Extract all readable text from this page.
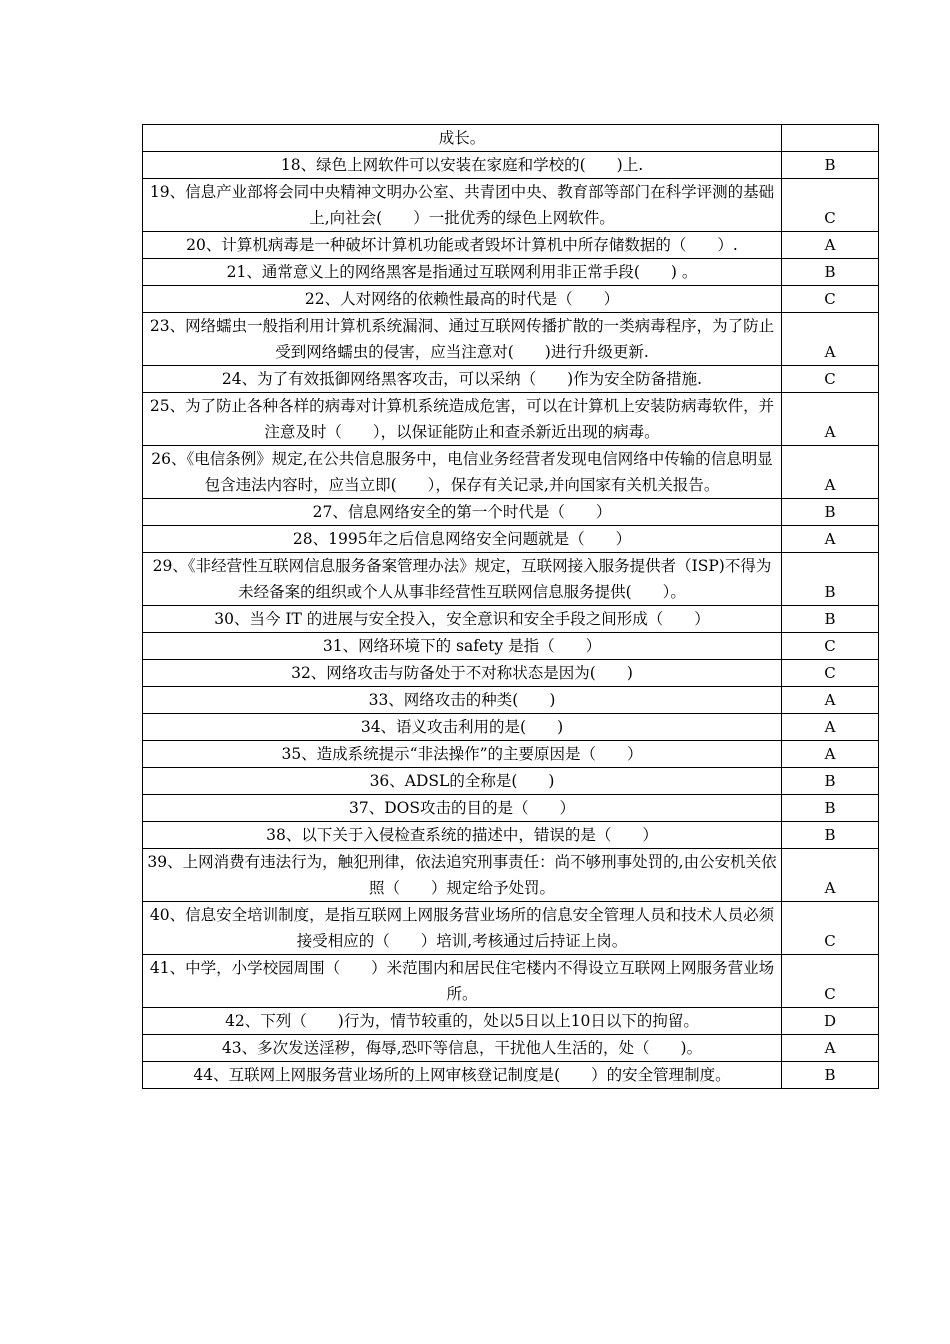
成长。	
18、绿色上网软件可以安装在家庭和学校的(　　)上.	B
19、信息产业部将会同中央精神文明办公室、共青团中央、教育部等部门在科学评测的基础上,向社会(　　）一批优秀的绿色上网软件。	C
20、计算机病毒是一种破坏计算机功能或者毁坏计算机中所存储数据的（　　）.	A
21、通常意义上的网络黑客是指通过互联网利用非正常手段(　　) 。	B
22、人对网络的依赖性最高的时代是（　　）	C
23、网络蠕虫一般指利用计算机系统漏洞、通过互联网传播扩散的一类病毒程序，为了防止受到网络蠕虫的侵害，应当注意对(　　)进行升级更新.	A
24、为了有效抵御网络黑客攻击，可以采纳（　　)作为安全防备措施.	C
25、为了防止各种各样的病毒对计算机系统造成危害，可以在计算机上安装防病毒软件，并注意及时（　　），以保证能防止和查杀新近出现的病毒。	A
26、《电信条例》规定,在公共信息服务中，电信业务经营者发现电信网络中传输的信息明显包含违法内容时，应当立即(　　），保存有关记录,并向国家有关机关报告。	A
27、信息网络安全的第一个时代是（　　）	B
28、1995年之后信息网络安全问题就是（　　）	A
29、《非经营性互联网信息服务备案管理办法》规定，互联网接入服务提供者（ISP)不得为未经备案的组织或个人从事非经营性互联网信息服务提供(　　）。	B
30、当今 IT 的进展与安全投入，安全意识和安全手段之间形成（　　）	B
31、网络环境下的 safety 是指（　　）	C
32、网络攻击与防备处于不对称状态是因为(　　)	C
33、网络攻击的种类(　　)	A
34、语义攻击利用的是(　　)	A
35、造成系统提示“非法操作”的主要原因是（　　）	A
36、ADSL的全称是(　　)	B
37、DOS攻击的目的是（　　）	B
38、以下关于入侵检查系统的描述中，错误的是（　　）	B
39、上网消费有违法行为，触犯刑律，依法追究刑事责任：尚不够刑事处罚的,由公安机关依照（　　）规定给予处罚。	A
40、信息安全培训制度，是指互联网上网服务营业场所的信息安全管理人员和技术人员必须接受相应的（　　）培训,考核通过后持证上岗。	C
41、中学，小学校园周围（　　）米范围内和居民住宅楼内不得设立互联网上网服务营业场所。	C
42、下列（　　)行为，情节较重的，处以5日以上10日以下的拘留。	D
43、多次发送淫秽，侮辱,恐吓等信息，干扰他人生活的，处（　　)。	A
44、互联网上网服务营业场所的上网审核登记制度是(　　）的安全管理制度。	B
